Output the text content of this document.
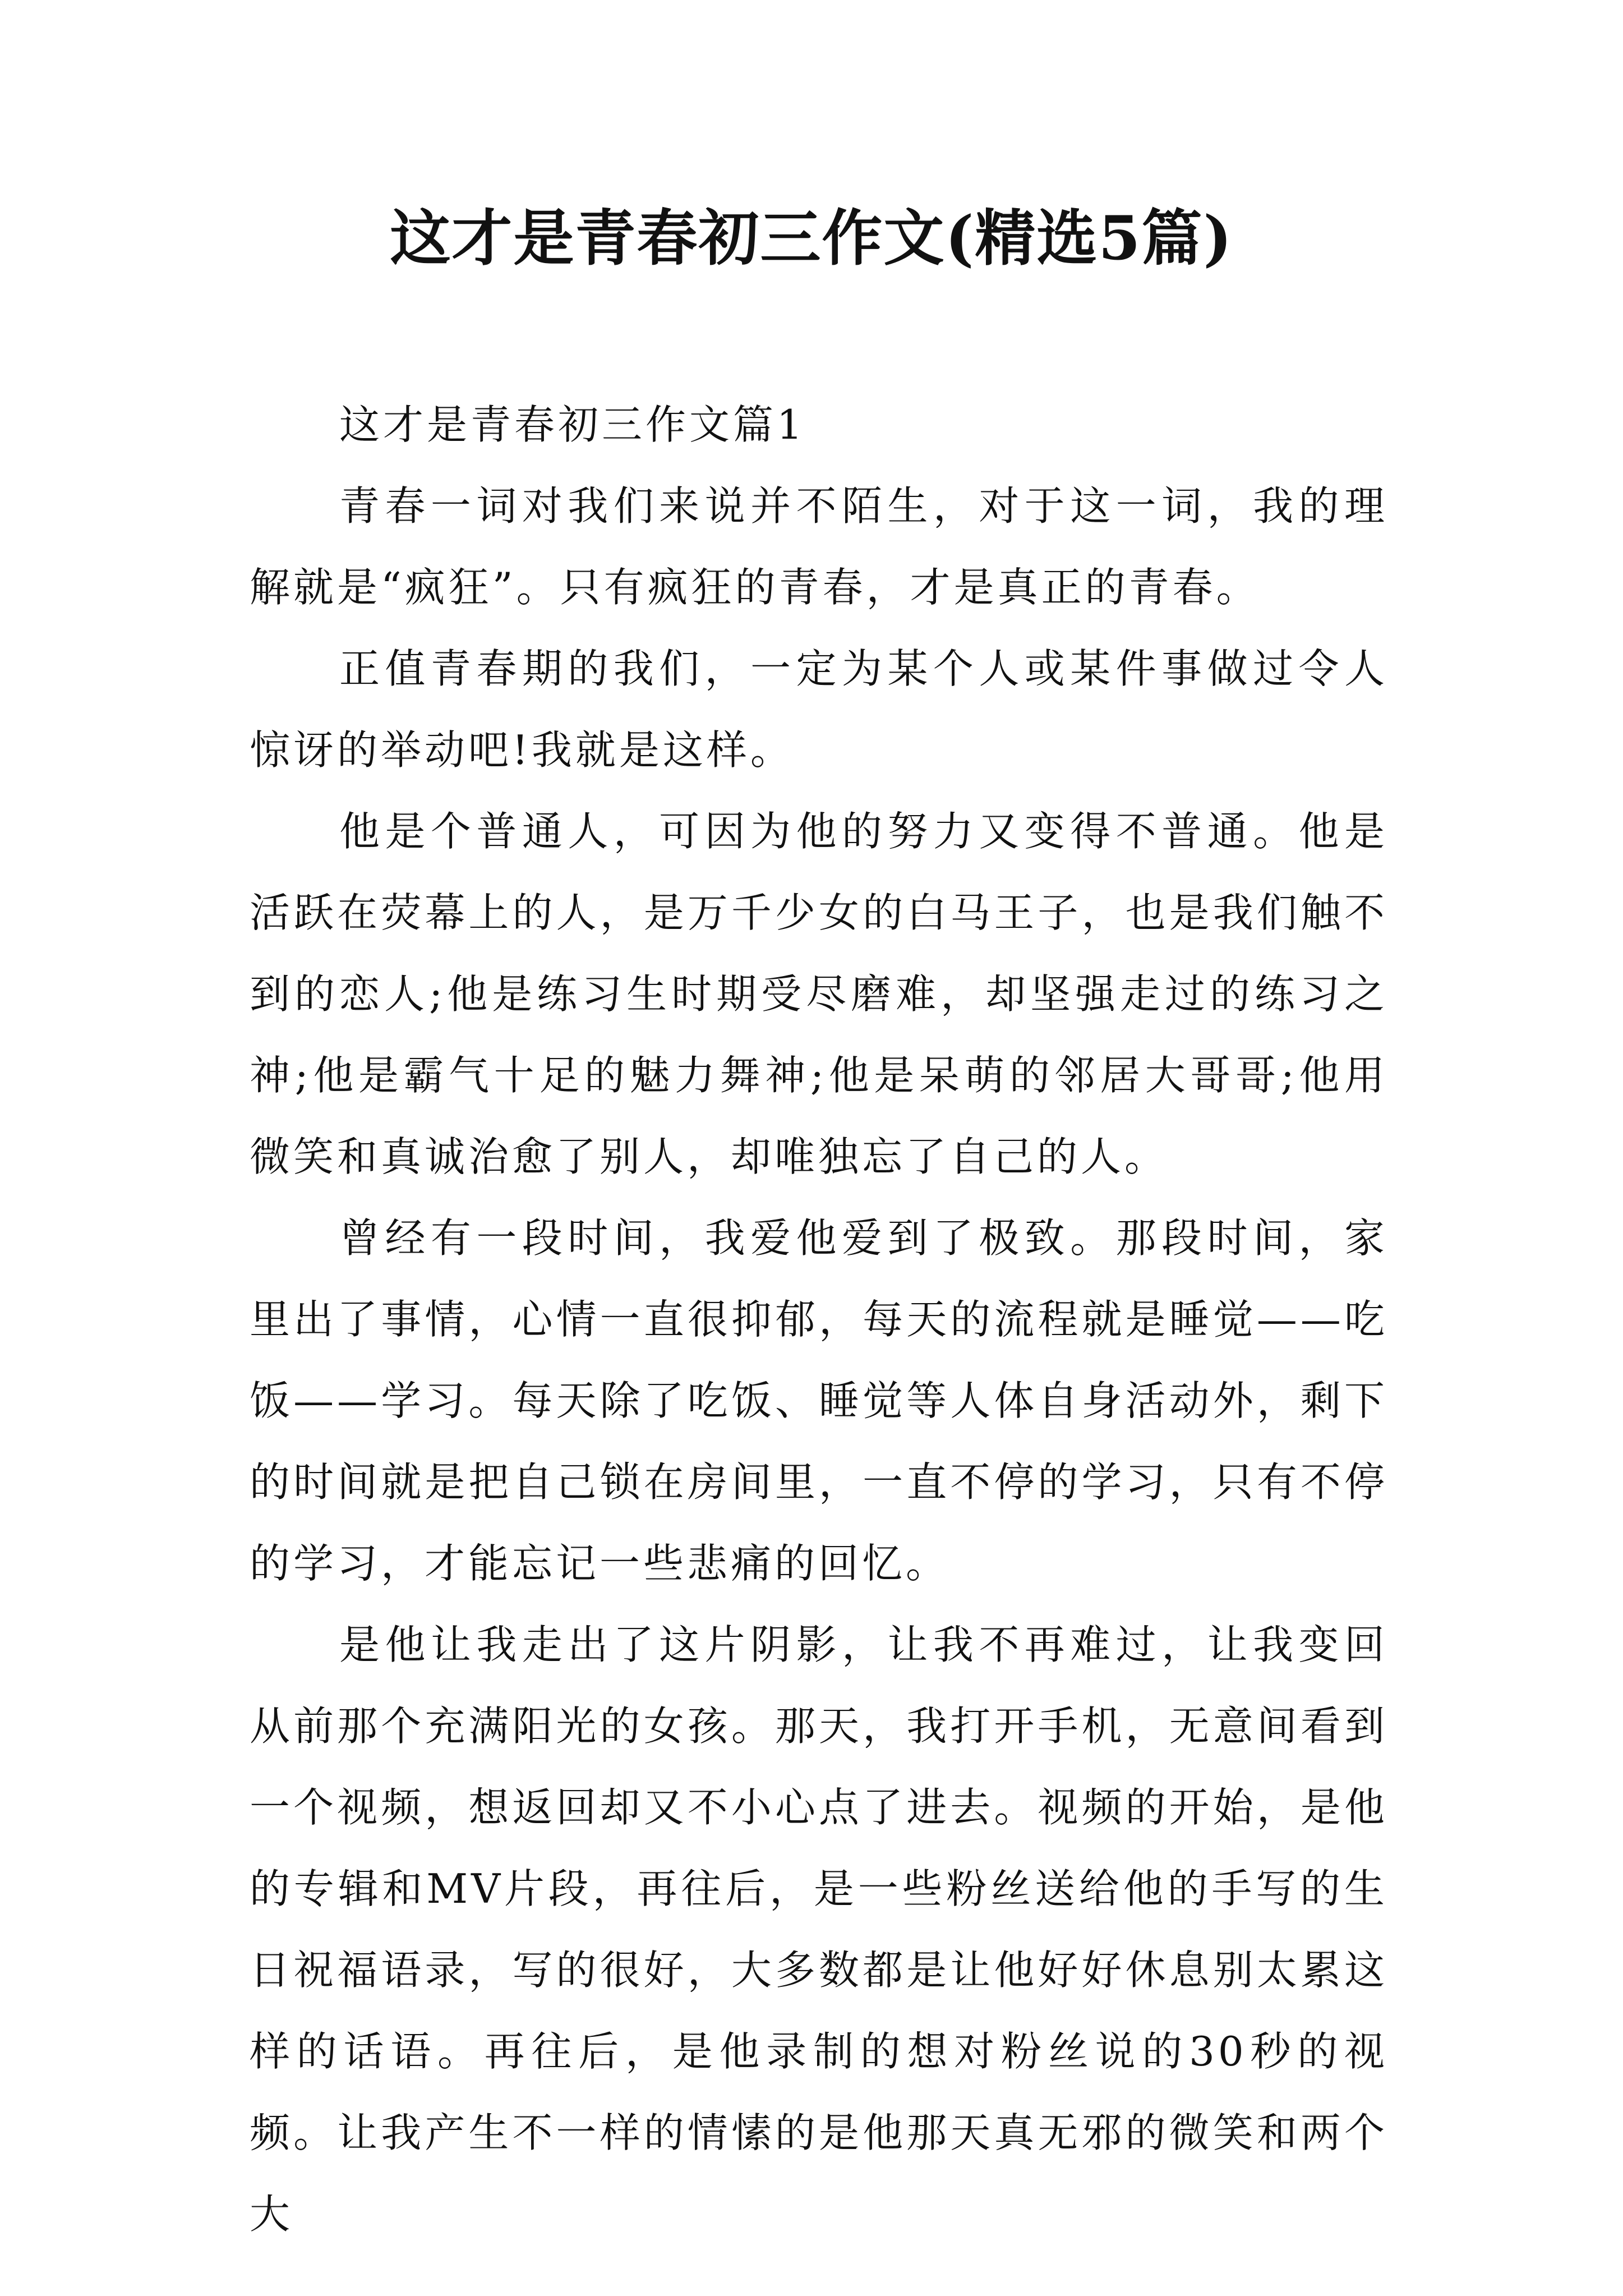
这才是青春初三作文(精选5篇)

这才是青春初三作文篇1

青春一词对我们来说并不陌生，对于这一词，我的理解就是“疯狂”。只有疯狂的青春，才是真正的青春。

正值青春期的我们，一定为某个人或某件事做过令人惊讶的举动吧!我就是这样。

他是个普通人，可因为他的努力又变得不普通。他是活跃在荧幕上的人，是万千少女的白马王子，也是我们触不到的恋人;他是练习生时期受尽磨难，却坚强走过的练习之神;他是霸气十足的魅力舞神;他是呆萌的邻居大哥哥;他用微笑和真诚治愈了别人，却唯独忘了自己的人。

曾经有一段时间，我爱他爱到了极致。那段时间，家里出了事情，心情一直很抑郁，每天的流程就是睡觉——吃饭——学习。每天除了吃饭、睡觉等人体自身活动外，剩下的时间就是把自己锁在房间里，一直不停的学习，只有不停的学习，才能忘记一些悲痛的回忆。

是他让我走出了这片阴影，让我不再难过，让我变回从前那个充满阳光的女孩。那天，我打开手机，无意间看到一个视频，想返回却又不小心点了进去。视频的开始，是他的专辑和MV片段，再往后，是一些粉丝送给他的手写的生日祝福语录，写的很好，大多数都是让他好好休息别太累这样的话语。再往后，是他录制的想对粉丝说的30秒的视频。让我产生不一样的情愫的是他那天真无邪的微笑和两个大
